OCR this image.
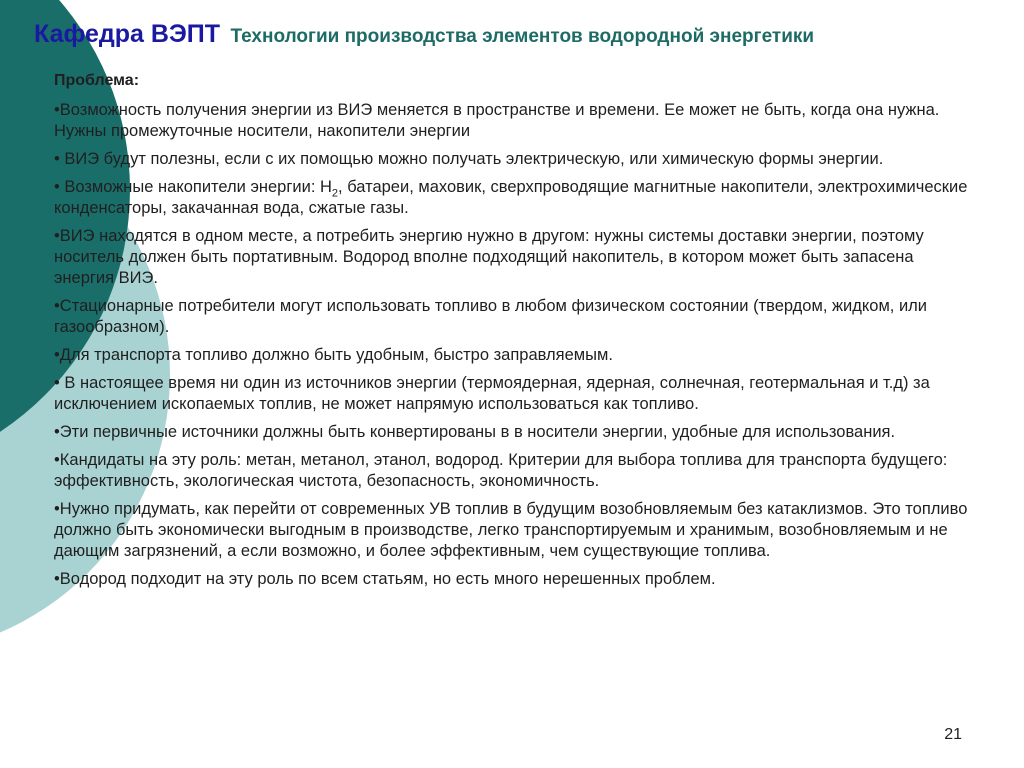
Кафедра ВЭПТ Технологии производства элементов водородной энергетики

Проблема:

•Возможность получения энергии из ВИЭ меняется в пространстве и времени. Ее может не быть, когда она нужна. Нужны промежуточные носители, накопители энергии

• ВИЭ будут полезны, если с их помощью можно получать электрическую, или химическую формы энергии.

• Возможные накопители энергии: $H_2$, батареи, маховик, сверхпроводящие магнитные накопители, электрохимические конденсаторы, закачанная вода, сжатые газы.

•ВИЭ находятся в одном месте, а потребить энергию нужно в другом: нужны системы доставки энергии, поэтому носитель должен быть портативным. Водород вполне подходящий накопитель, в котором может быть запасена энергия ВИЭ.

•Стационарные потребители могут использовать топливо в любом физическом состоянии (твердом, жидком, или газообразном).

•Для транспорта топливо должно быть удобным, быстро заправляемым.

• В настоящее время ни один из источников энергии (термоядерная, ядерная, солнечная, геотермальная и т.д) за исключением ископаемых топлив, не может напрямую использоваться как топливо.

•Эти первичные источники должны быть конвертированы в в носители энергии, удобные для использования.

•Кандидаты на эту роль: метан, метанол, этанол, водород. Критерии для выбора топлива для транспорта будущего: эффективность, экологическая чистота, безопасность, экономичность.

•Нужно придумать, как перейти от современных УВ топлив в будущим возобновляемым без катаклизмов. Это топливо должно быть экономически выгодным в производстве, легко транспортируемым и хранимым, возобновляемым и не дающим загрязнений, а если возможно, и более эффективным, чем существующие топлива.

•Водород подходит на эту роль по всем статьям, но есть много нерешенных проблем.

21
